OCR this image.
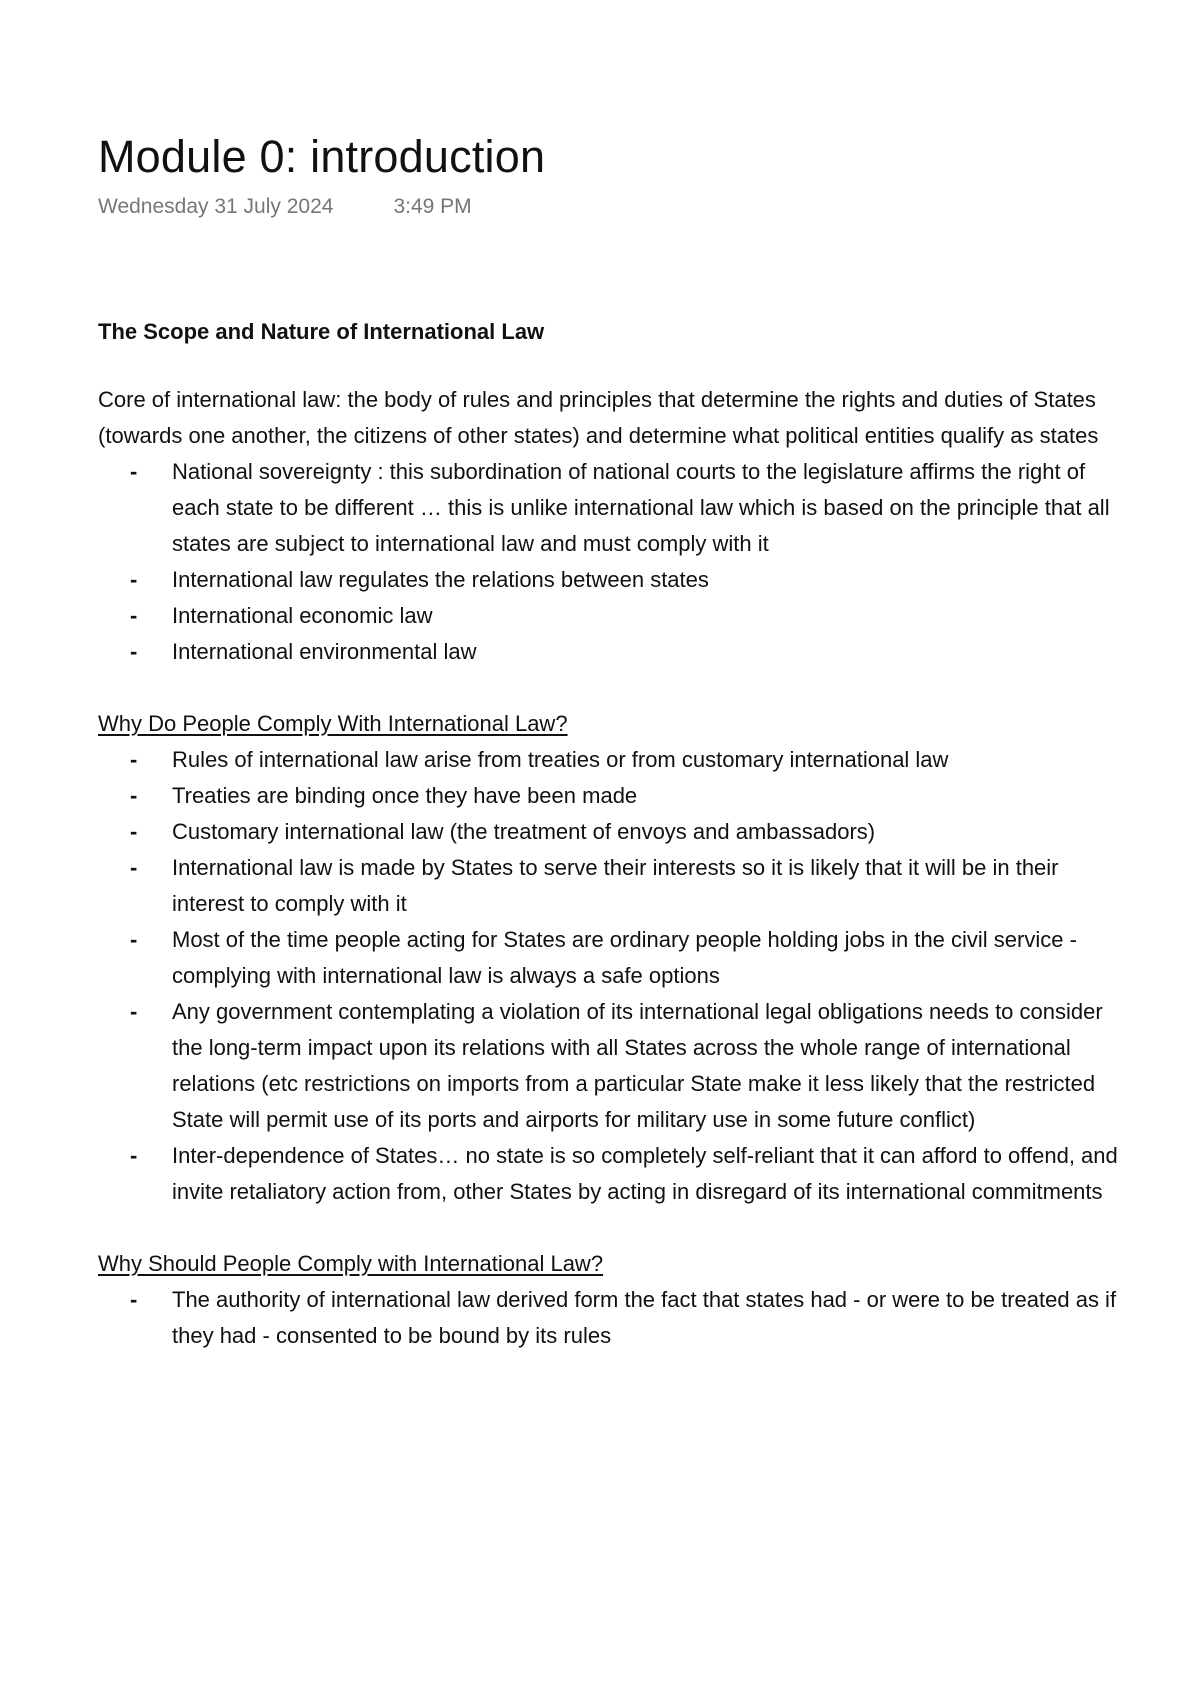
Module 0: introduction
Wednesday 31 July 2024	3:49 PM
The Scope and Nature of International Law

Core of international law: the body of rules and principles that determine the rights and duties of States (towards one another, the citizens of other states) and determine what political entities qualify as states

- National sovereignty : this subordination of national courts to the legislature affirms the right of each state to be different … this is unlike international law which is based on the principle that all states are subject to international law and must comply with it
- International law regulates the relations between states
- International economic law
- International environmental law
Why Do People Comply With International Law?
- Rules of international law arise from treaties or from customary international law
- Treaties are binding once they have been made
- Customary international law (the treatment of envoys and ambassadors)
- International law is made by States to serve their interests so it is likely that it will be in their interest to comply with it
- Most of the time people acting for States are ordinary people holding jobs in the civil service - complying with international law is always a safe options
- Any government contemplating a violation of its international legal obligations needs to consider the long-term impact upon its relations with all States across the whole range of international relations (etc restrictions on imports from a particular State make it less likely that the restricted State will permit use of its ports and airports for military use in some future conflict)
- Inter-dependence of States… no state is so completely self-reliant that it can afford to offend, and invite retaliatory action from, other States by acting in disregard of its international commitments
Why Should People Comply with International Law?
- The authority of international law derived form the fact that states had - or were to be treated as if they had - consented to be bound by its rules
